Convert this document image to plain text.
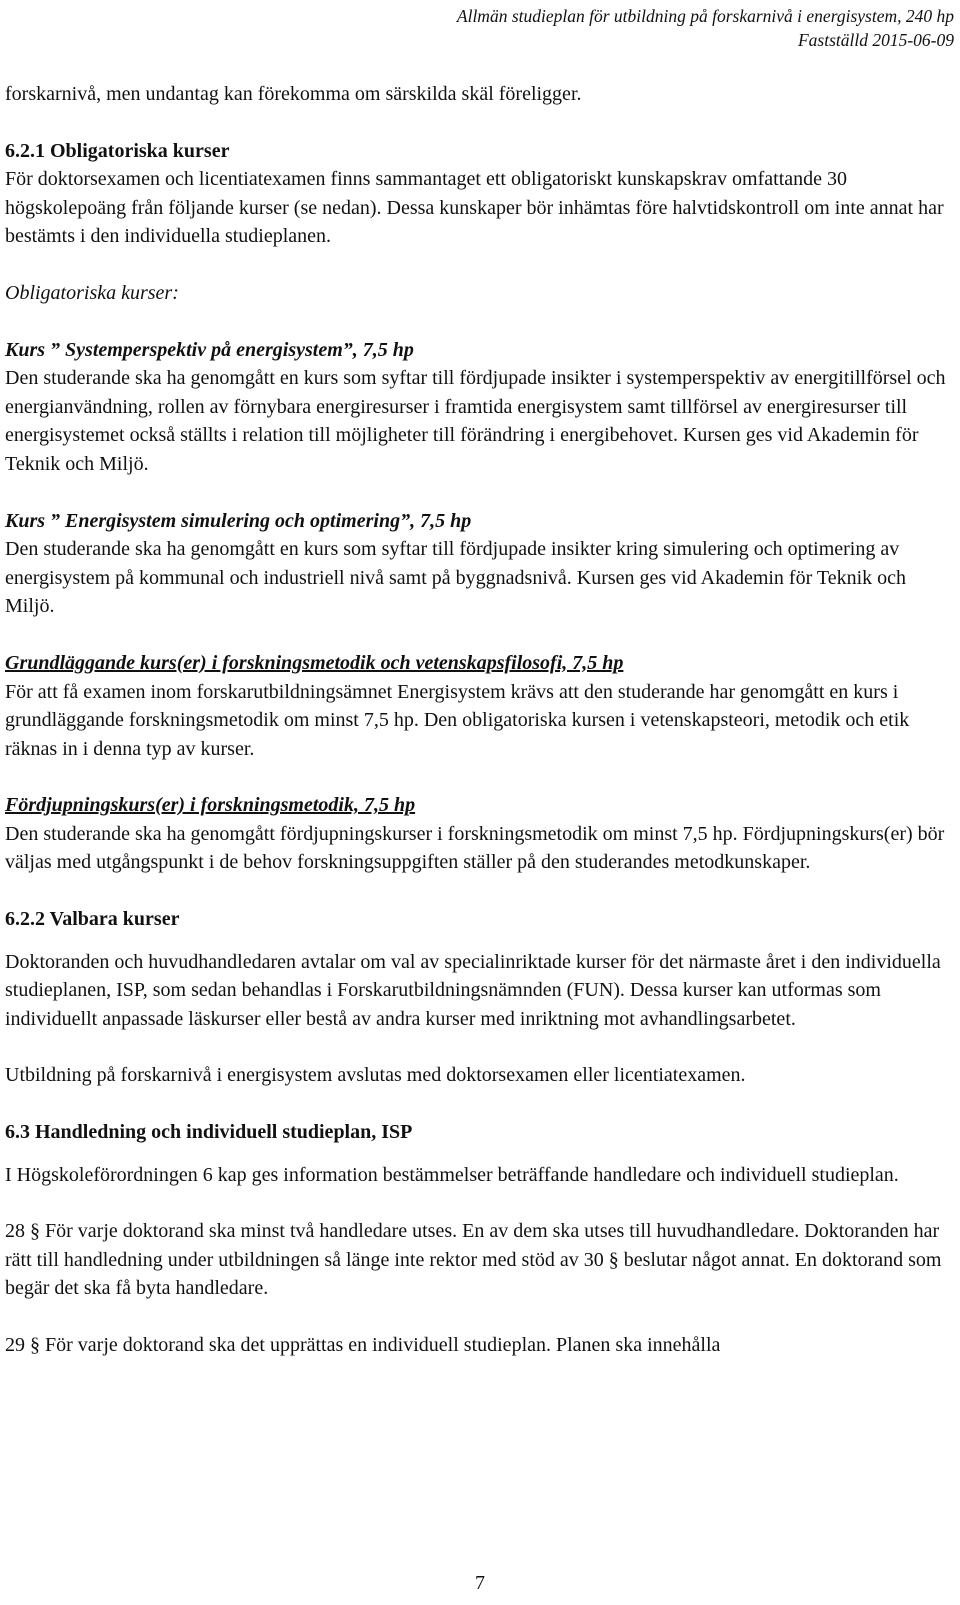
Allmän studieplan för utbildning på forskarnivå i energisystem, 240 hp
Fastställd 2015-06-09

forskarnivå, men undantag kan förekomma om särskilda skäl föreligger.

6.2.1 Obligatoriska kurser

För doktorsexamen och licentiatexamen finns sammantaget ett obligatoriskt kunskapskrav omfattande 30 högskolepoäng från följande kurser (se nedan). Dessa kunskaper bör inhämtas före halvtidskontroll om inte annat har bestämts i den individuella studieplanen.

Obligatoriska kurser:

Kurs ” Systemperspektiv på energisystem”, 7,5 hp

Den studerande ska ha genomgått en kurs som syftar till fördjupade insikter i systemperspektiv av energitillförsel och energianvändning, rollen av förnybara energiresurser i framtida energisystem samt tillförsel av energiresurser till energisystemet också ställts i relation till möjligheter till förändring i energibehovet. Kursen ges vid Akademin för Teknik och Miljö.

Kurs ” Energisystem simulering och optimering”, 7,5 hp

Den studerande ska ha genomgått en kurs som syftar till fördjupade insikter kring simulering och optimering av energisystem på kommunal och industriell nivå samt på byggnadsnivå. Kursen ges vid Akademin för Teknik och Miljö.

Grundläggande kurs(er) i forskningsmetodik och vetenskapsfilosofi, 7,5 hp

För att få examen inom forskarutbildningsämnet Energisystem krävs att den studerande har genomgått en kurs i grundläggande forskningsmetodik om minst 7,5 hp. Den obligatoriska kursen i vetenskapsteori, metodik och etik räknas in i denna typ av kurser.

Fördjupningskurs(er) i forskningsmetodik, 7,5 hp

Den studerande ska ha genomgått fördjupningskurser i forskningsmetodik om minst 7,5 hp. Fördjupningskurs(er) bör väljas med utgångspunkt i de behov forskningsuppgiften ställer på den studerandes metodkunskaper.

6.2.2 Valbara kurser

Doktoranden och huvudhandledaren avtalar om val av specialinriktade kurser för det närmaste året i den individuella studieplanen, ISP, som sedan behandlas i Forskarutbildningsnämnden (FUN). Dessa kurser kan utformas som individuellt anpassade läskurser eller bestå av andra kurser med inriktning mot avhandlingsarbetet.

Utbildning på forskarnivå i energisystem avslutas med doktorsexamen eller licentiatexamen.

6.3 Handledning och individuell studieplan, ISP

I Högskoleförordningen 6 kap ges information bestämmelser beträffande handledare och individuell studieplan.

28 § För varje doktorand ska minst två handledare utses. En av dem ska utses till huvudhandledare. Doktoranden har rätt till handledning under utbildningen så länge inte rektor med stöd av 30 § beslutar något annat. En doktorand som begär det ska få byta handledare.

29 § För varje doktorand ska det upprättas en individuell studieplan. Planen ska innehålla

7
